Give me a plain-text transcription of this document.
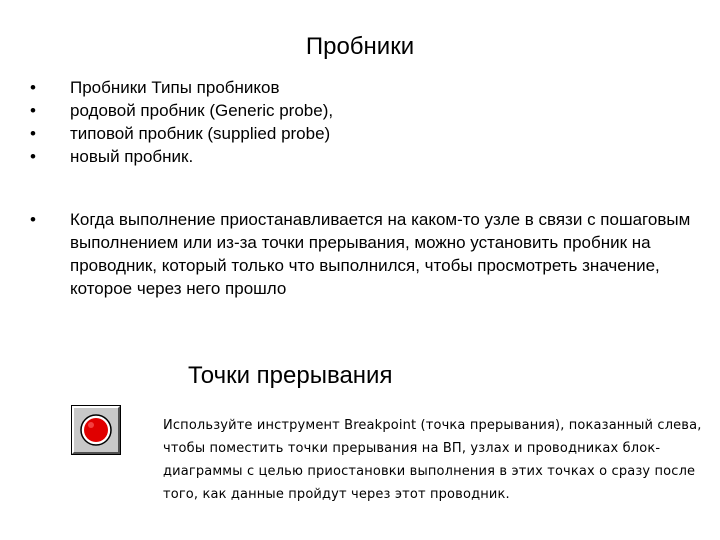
Пробники
• Пробники Типы пробников
• родовой пробник (Generic probe),
• типовой пробник (supplied probe)
• новый пробник.
• Когда выполнение приостанавливается на каком-то узле в связи с пошаговым выполнением или из-за точки прерывания, можно установить пробник на проводник, который только что выполнился, чтобы просмотреть значение, которое через него прошло
Точки прерывания
Используйте инструмент Breakpoint (точка прерывания), показанный слева, чтобы поместить точки прерывания на ВП, узлах и проводниках блок-диаграммы с целью приостановки выполнения в этих точках о сразу после того, как данные пройдут через этот проводник.
